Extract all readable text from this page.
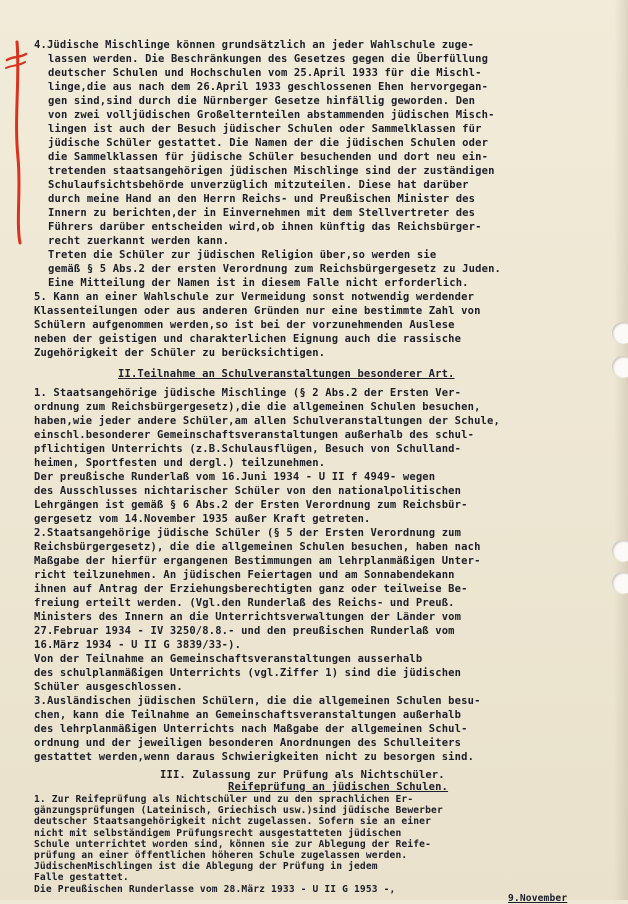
4.Jüdische Mischlinge können grundsätzlich an jeder Wahlschule zuge-
lassen werden. Die Beschränkungen des Gesetzes gegen die Überfüllung
deutscher Schulen und Hochschulen vom 25.April 1933 für die Mischl-
linge,die aus nach dem 26.April 1933 geschlossenen Ehen hervorgegan-
gen sind,sind durch die Nürnberger Gesetze hinfällig geworden. Den
von zwei volljüdischen Großelternteilen abstammenden jüdischen Misch-
lingen ist auch der Besuch jüdischer Schulen oder Sammelklassen für
jüdische Schüler gestattet. Die Namen der die jüdischen Schulen oder
die Sammelklassen für jüdische Schüler besuchenden und dort neu ein-
tretenden staatsangehörigen jüdischen Mischlinge sind der zuständigen
Schulaufsichtsbehörde unverzüglich mitzuteilen. Diese hat darüber
durch meine Hand an den Herrn Reichs- und Preußischen Minister des
Innern zu berichten,der in Einvernehmen mit dem Stellvertreter des
Führers darüber entscheiden wird,ob ihnen künftig das Reichsbürger-
recht zuerkannt werden kann.
Treten die Schüler zur jüdischen Religion über,so werden sie
gemäß § 5 Abs.2 der ersten Verordnung zum Reichsbürgergesetz zu Juden.
Eine Mitteilung der Namen ist in diesem Falle nicht erforderlich.
5. Kann an einer Wahlschule zur Vermeidung sonst notwendig werdender
Klassenteilungen oder aus anderen Gründen nur eine bestimmte Zahl von
Schülern aufgenommen werden,so ist bei der vorzunehmenden Auslese
neben der geistigen und charakterlichen Eignung auch die rassische
Zugehörigkeit der Schüler zu berücksichtigen.
II.Teilnahme an Schulveranstaltungen besonderer Art.
1. Staatsangehörige jüdische Mischlinge (§ 2 Abs.2 der Ersten Ver-
ordnung zum Reichsbürgergesetz),die die allgemeinen Schulen besuchen,
haben,wie jeder andere Schüler,am allen Schulveranstaltungen der Schule,
einschl.besonderer Gemeinschaftsveranstaltungen außerhalb des schul-
pflichtigen Unterrichts (z.B.Schulausflügen, Besuch von Schulland-
heimen, Sportfesten und dergl.) teilzunehmen.
Der preußische Runderlaß vom 16.Juni 1934 - U II f 4949- wegen
des Ausschlusses nichtarischer Schüler von den nationalpolitischen
Lehrgängen ist gemäß § 6 Abs.2 der Ersten Verordnung zum Reichsbür-
gergesetz vom 14.November 1935 außer Kraft getreten.
2.Staatsangehörige jüdische Schüler (§ 5 der Ersten Verordnung zum
Reichsbürgergesetz), die die allgemeinen Schulen besuchen, haben nach
Maßgabe der hierfür ergangenen Bestimmungen am lehrplanmäßigen Unter-
richt teilzunehmen. An jüdischen Feiertagen und am Sonnabendekann
ihnen auf Antrag der Erziehungsberechtigten ganz oder teilweise Be-
freiung erteilt werden. (Vgl.den Runderlaß des Reichs- und Preuß.
Ministers des Innern an die Unterrichtsverwaltungen der Länder vom
27.Februar 1934 - IV 3250/8.8.- und den preußischen Runderlaß vom
16.März 1934 - U II G 3839/33-).
Von der Teilnahme an Gemeinschaftsveranstaltungen ausserhalb
des schulplanmäßigen Unterrichts (vgl.Ziffer 1) sind die jüdischen
Schüler ausgeschlossen.
3.Ausländischen jüdischen Schülern, die die allgemeinen Schulen besu-
chen, kann die Teilnahme an Gemeinschaftsveranstaltungen außerhalb
des lehrplanmäßigen Unterrichts nach Maßgabe der allgemeinen Schul-
ordnung und der jeweiligen besonderen Anordnungen des Schulleiters
gestattet werden,wenn daraus Schwierigkeiten nicht zu besorgen sind.
III. Zulassung zur Prüfung als Nichtschüler.
Reifeprüfung an jüdischen Schulen.
1. Zur Reifeprüfung als Nichtschüler und zu den sprachlichen Er-
gänzungsprüfungen (Lateinisch, Griechisch usw.)sind jüdische Bewerber
deutscher Staatsangehörigkeit nicht zugelassen. Sofern sie an einer
nicht mit selbständigem Prüfungsrecht ausgestatteten jüdischen
Schule unterrichtet worden sind, können sie zur Ablegung der Reife-
prüfung an einer öffentlichen höheren Schule zugelassen werden.
JüdischenMischlingen ist die Ablegung der Prüfung in jedem
Falle gestattet.
Die Preußischen Runderlasse vom 28.März 1933 - U II G 1953 -,
9.November
